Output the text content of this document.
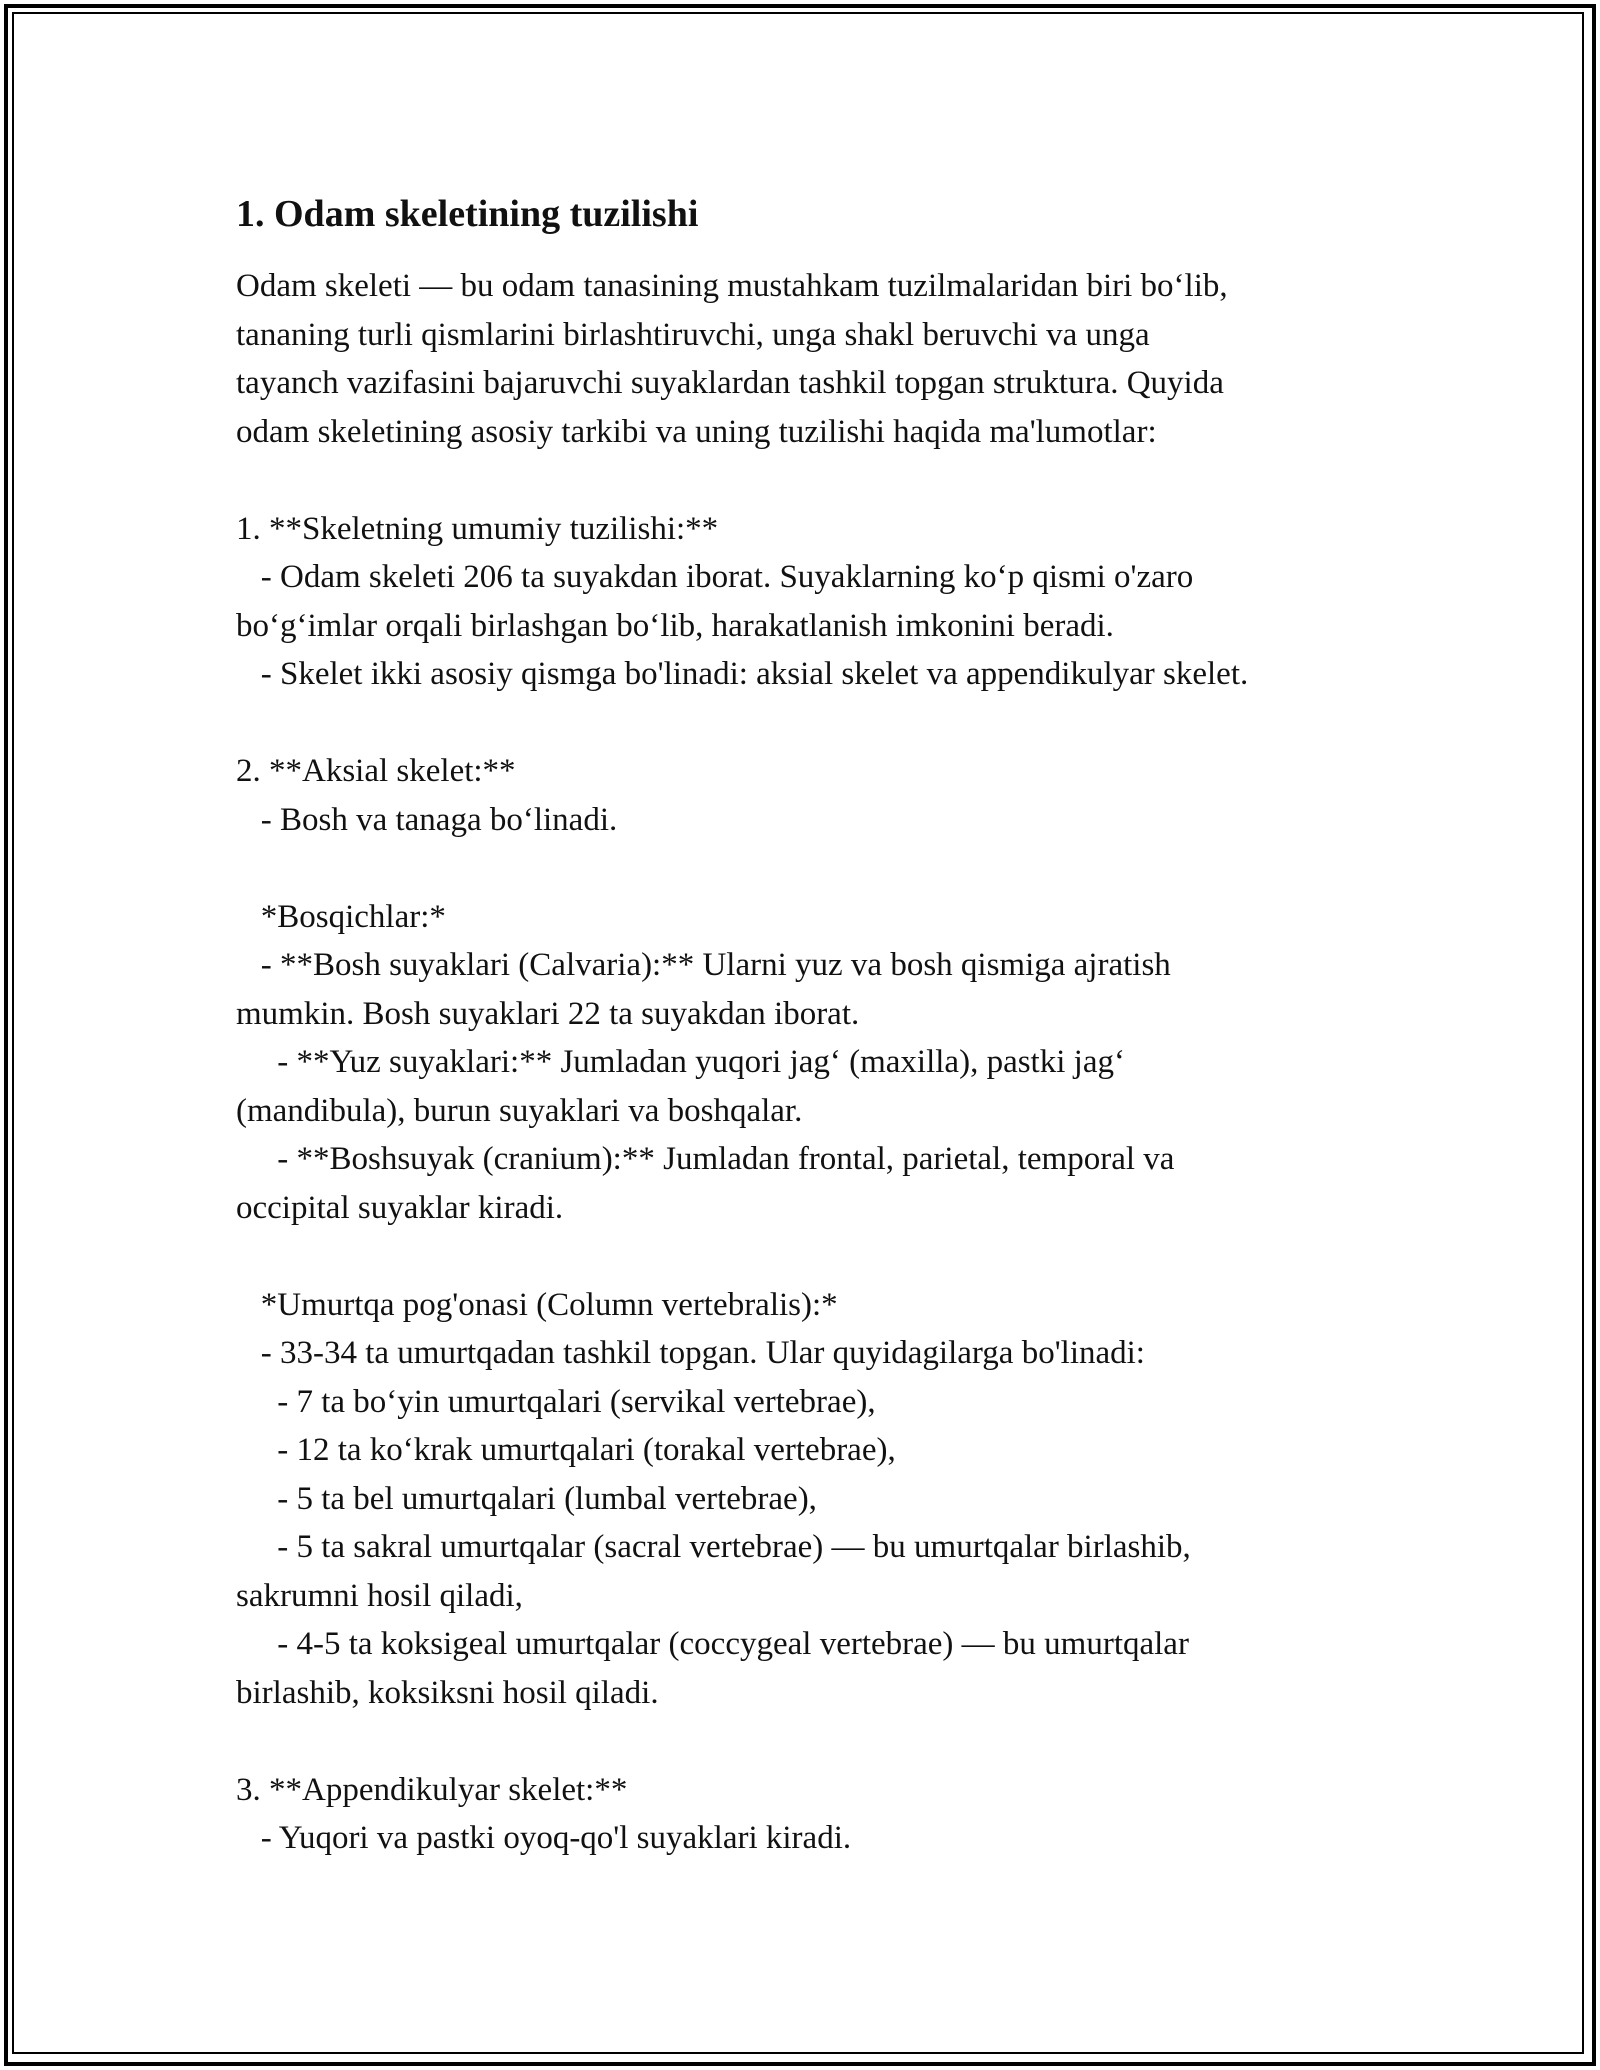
1. Odam skeletining tuzilishi
Odam skeleti — bu odam tanasining mustahkam tuzilmalaridan biri bo‘lib,
tananing turli qismlarini birlashtiruvchi, unga shakl beruvchi va unga
tayanch vazifasini bajaruvchi suyaklardan tashkil topgan struktura. Quyida
odam skeletining asosiy tarkibi va uning tuzilishi haqida ma'lumotlar:
1. **Skeletning umumiy tuzilishi:**
- Odam skeleti 206 ta suyakdan iborat. Suyaklarning ko‘p qismi o'zaro
bo‘g‘imlar orqali birlashgan bo‘lib, harakatlanish imkonini beradi.
- Skelet ikki asosiy qismga bo'linadi: aksial skelet va appendikulyar skelet.
2. **Aksial skelet:**
- Bosh va tanaga bo‘linadi.
*Bosqichlar:*
- **Bosh suyaklari (Calvaria):** Ularni yuz va bosh qismiga ajratish
mumkin. Bosh suyaklari 22 ta suyakdan iborat.
- **Yuz suyaklari:** Jumladan yuqori jag‘ (maxilla), pastki jag‘
(mandibula), burun suyaklari va boshqalar.
- **Boshsuyak (cranium):** Jumladan frontal, parietal, temporal va
occipital suyaklar kiradi.
*Umurtqa pog'onasi (Column vertebralis):*
- 33-34 ta umurtqadan tashkil topgan. Ular quyidagilarga bo'linadi:
- 7 ta bo‘yin umurtqalari (servikal vertebrae),
- 12 ta ko‘krak umurtqalari (torakal vertebrae),
- 5 ta bel umurtqalari (lumbal vertebrae),
- 5 ta sakral umurtqalar (sacral vertebrae) — bu umurtqalar birlashib,
sakrumni hosil qiladi,
- 4-5 ta koksigeal umurtqalar (coccygeal vertebrae) — bu umurtqalar
birlashib, koksiksni hosil qiladi.
3. **Appendikulyar skelet:**
- Yuqori va pastki oyoq-qo'l suyaklari kiradi.
